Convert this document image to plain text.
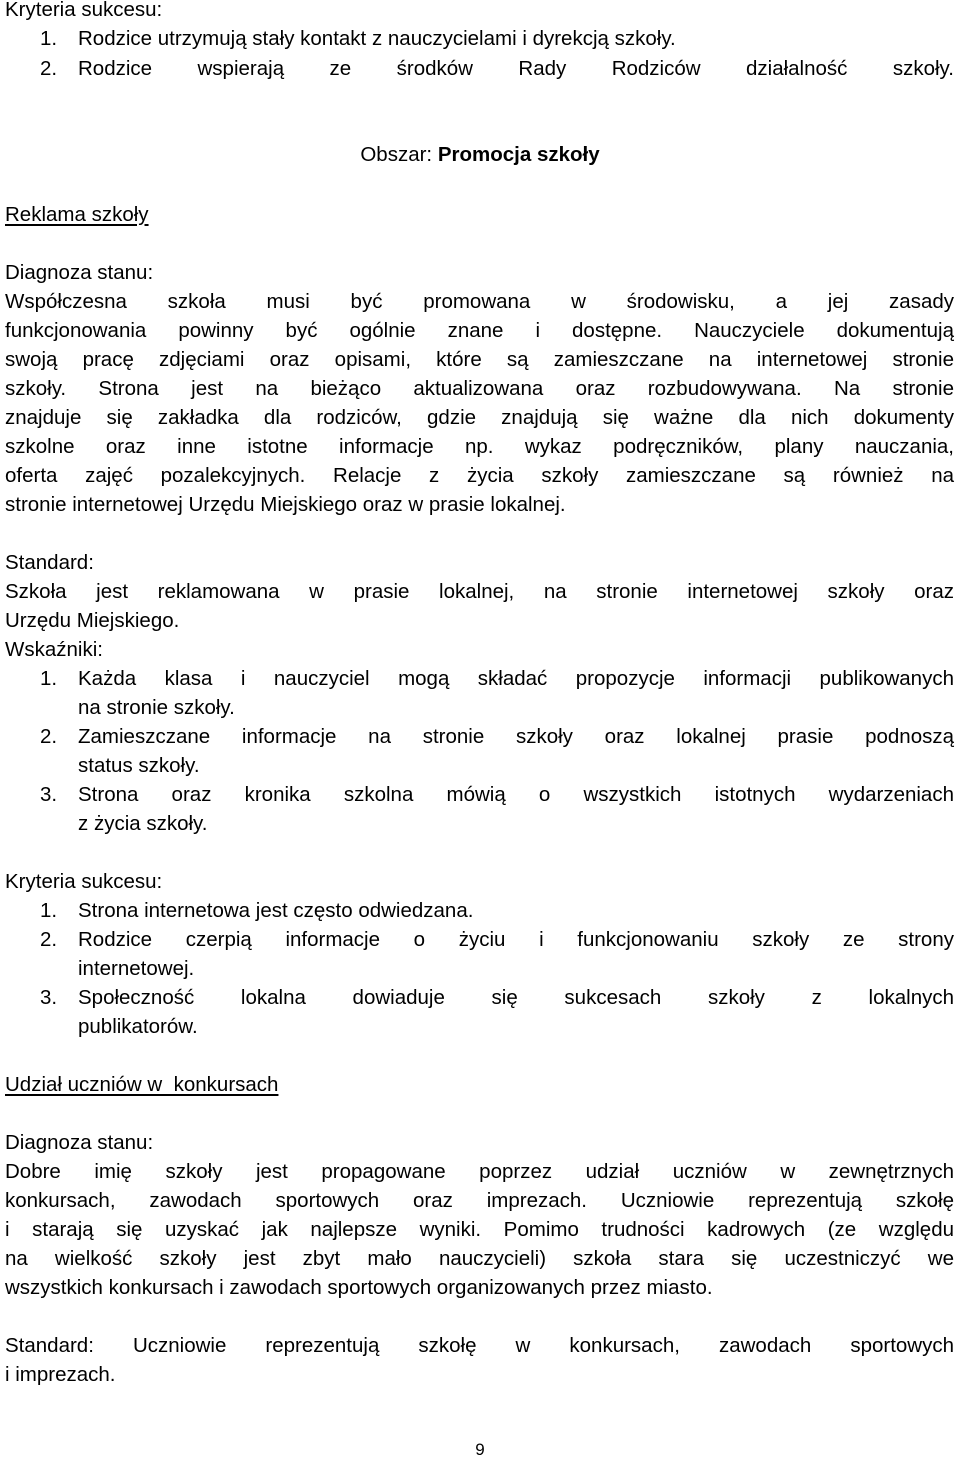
Kryteria sukcesu:
1.	Rodzice utrzymują stały kontakt z nauczycielami i dyrekcją szkoły.
2.	Rodzice wspierają ze środków Rady Rodziców działalność szkoły.
Obszar: Promocja szkoły
Reklama szkoły
Diagnoza stanu:
Współczesna szkoła musi być promowana w środowisku, a jej zasady
funkcjonowania powinny być ogólnie znane i dostępne. Nauczyciele dokumentują
swoją pracę zdjęciami oraz opisami, które są zamieszczane na internetowej stronie
szkoły. Strona jest na bieżąco aktualizowana oraz rozbudowywana. Na stronie
znajduje się zakładka dla rodziców, gdzie znajdują się ważne dla nich dokumenty
szkolne oraz inne istotne informacje np. wykaz podręczników, plany nauczania,
oferta zajęć pozalekcyjnych. Relacje z życia szkoły zamieszczane są również na
stronie internetowej Urzędu Miejskiego oraz w prasie lokalnej.
Standard:
Szkoła jest reklamowana w prasie lokalnej, na stronie internetowej szkoły oraz
Urzędu Miejskiego.
Wskaźniki:
1.	Każda klasa i nauczyciel mogą składać propozycje informacji publikowanych
na stronie szkoły.
2.	Zamieszczane informacje na stronie szkoły oraz lokalnej prasie podnoszą
status szkoły.
3.	Strona oraz kronika szkolna mówią o wszystkich istotnych wydarzeniach
z życia szkoły.
Kryteria sukcesu:
1.	Strona internetowa jest często odwiedzana.
2.	Rodzice czerpią informacje o życiu i funkcjonowaniu szkoły ze strony
internetowej.
3.	Społeczność lokalna dowiaduje się sukcesach szkoły z lokalnych
publikatorów.
Udział uczniów w  konkursach
Diagnoza stanu:
Dobre imię szkoły jest propagowane poprzez udział uczniów w zewnętrznych
konkursach, zawodach sportowych oraz imprezach. Uczniowie reprezentują szkołę
i starają się uzyskać jak najlepsze wyniki. Pomimo trudności kadrowych (ze względu
na wielkość szkoły jest zbyt mało nauczycieli) szkoła stara się uczestniczyć we
wszystkich konkursach i zawodach sportowych organizowanych przez miasto.
Standard: Uczniowie reprezentują szkołę w konkursach, zawodach sportowych
i imprezach.
9
